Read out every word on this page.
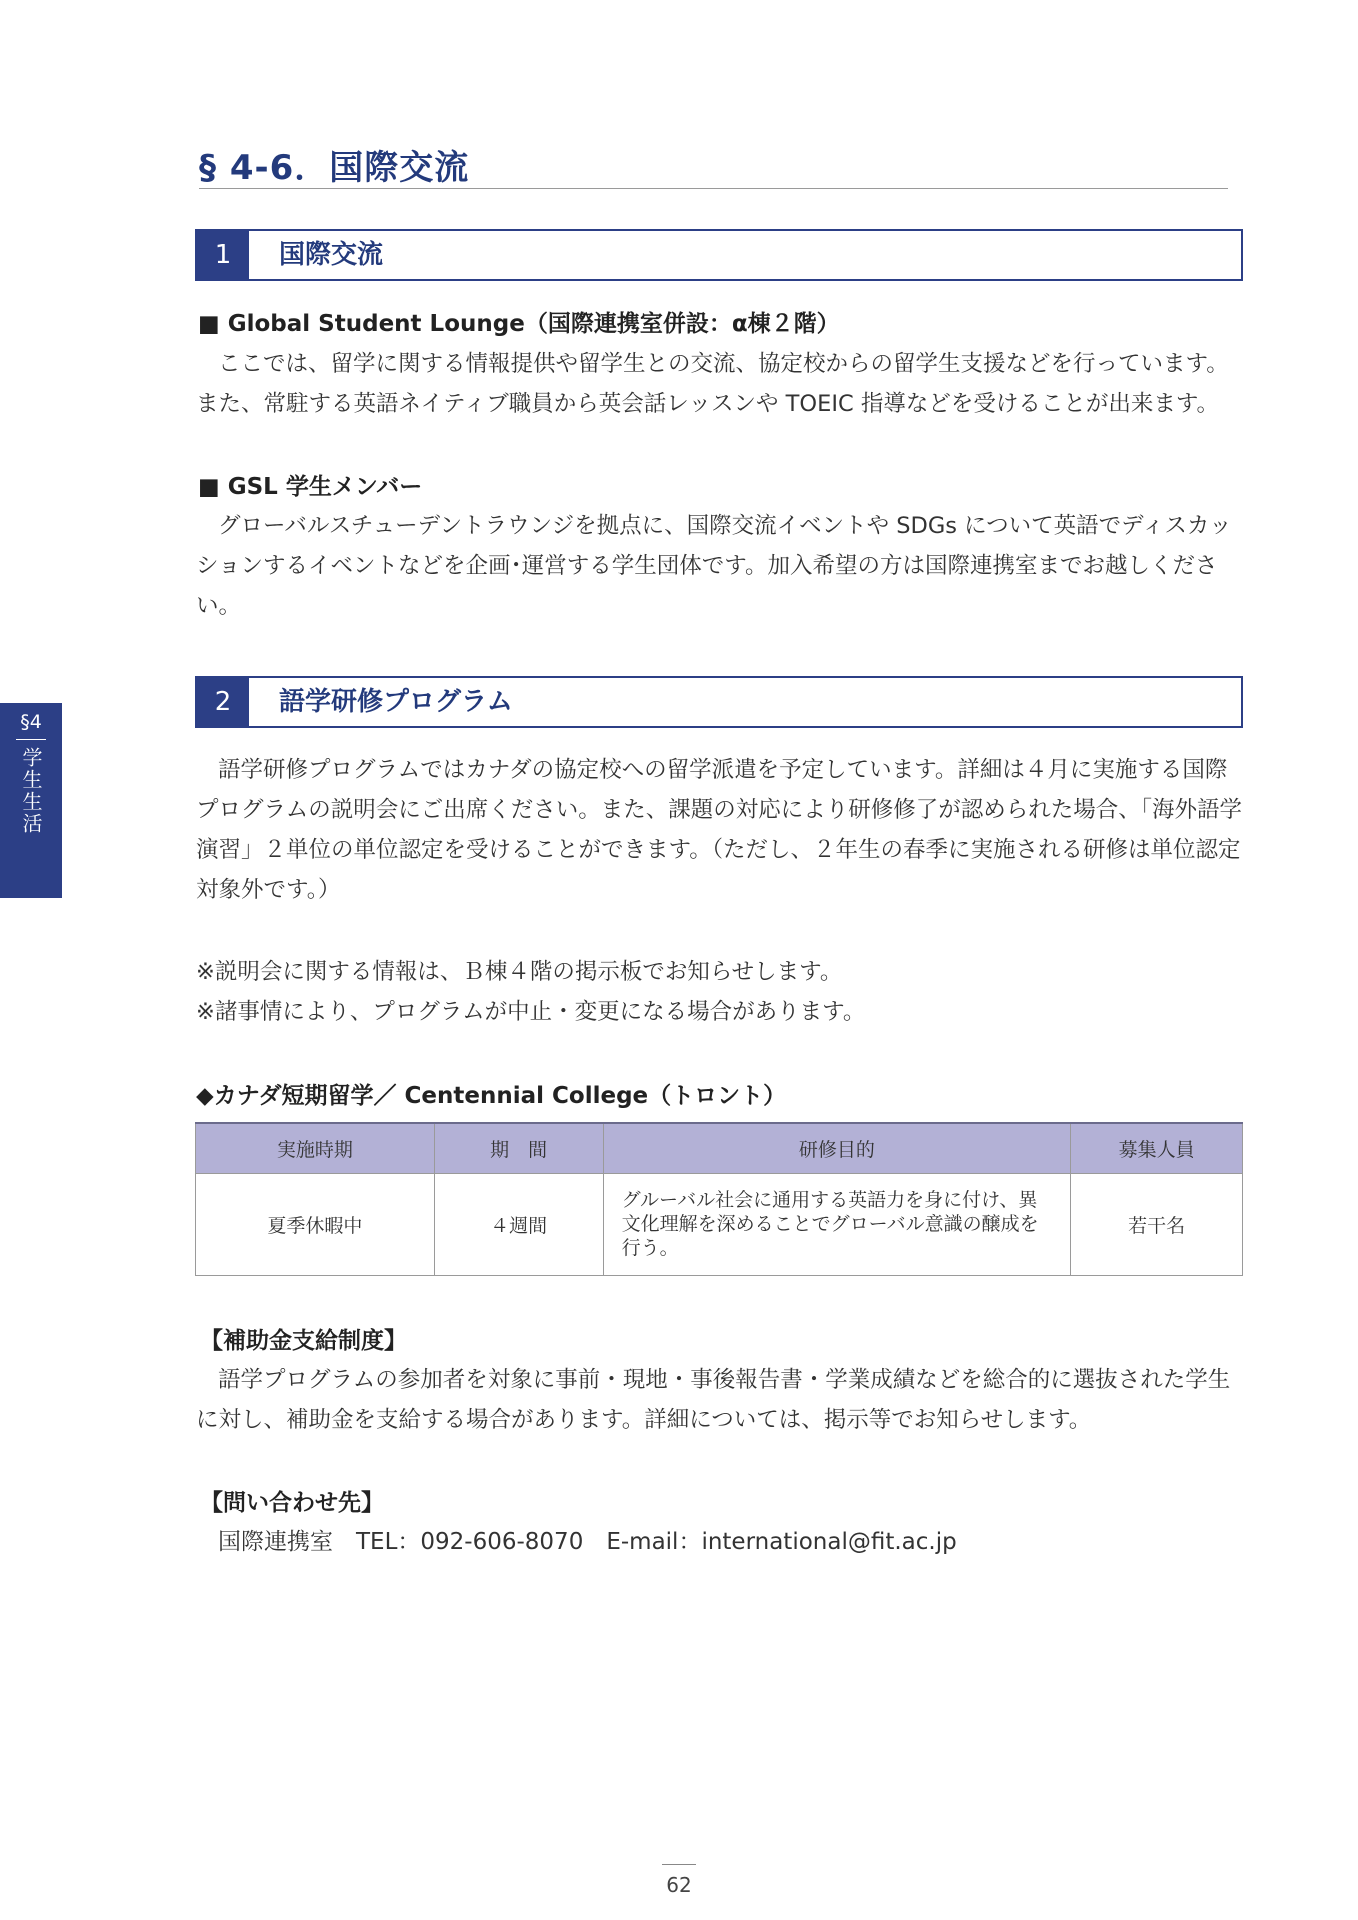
§ 4-6．国際交流
§4
学生生活
1	国際交流
■ Global Student Lounge（国際連携室併設：α棟２階）

ここでは、留学に関する情報提供や留学生との交流、協定校からの留学生支援などを行っています。また、常駐する英語ネイティブ職員から英会話レッスンや TOEIC 指導などを受けることが出来ます。

■ GSL 学生メンバー

グローバルスチューデントラウンジを拠点に、国際交流イベントや SDGs について英語でディスカッションするイベントなどを企画･運営する学生団体です。加入希望の方は国際連携室までお越しください。

2	語学研修プログラム

語学研修プログラムではカナダの協定校への留学派遣を予定しています。詳細は４月に実施する国際プログラムの説明会にご出席ください。また、課題の対応により研修修了が認められた場合、「海外語学演習」２単位の単位認定を受けることができます。（ただし、２年生の春季に実施される研修は単位認定対象外です。）

※説明会に関する情報は、Ｂ棟４階の掲示板でお知らせします。
※諸事情により、プログラムが中止・変更になる場合があります。
◆カナダ短期留学／ Centennial College（トロント）
実施時期	期　間	研修目的	募集人員
夏季休暇中	４週間	グルーバル社会に通用する英語力を身に付け、異文化理解を深めることでグローバル意識の醸成を行う。	若干名
【補助金支給制度】

語学プログラムの参加者を対象に事前・現地・事後報告書・学業成績などを総合的に選抜された学生に対し、補助金を支給する場合があります。詳細については、掲示等でお知らせします。

【問い合わせ先】
国際連携室　TEL：092-606-8070　E-mail：international@fit.ac.jp
62
